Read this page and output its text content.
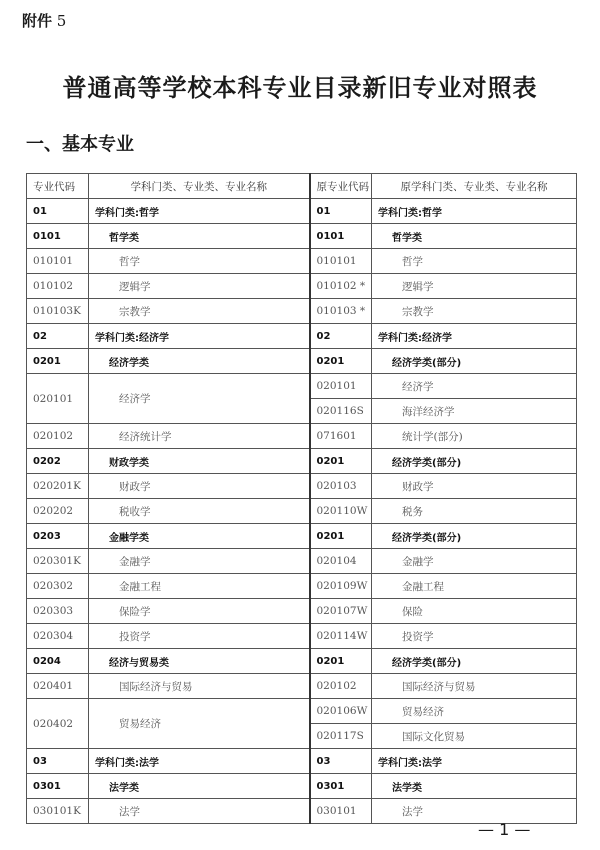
附件 5
普通高等学校本科专业目录新旧专业对照表
一、基本专业
专业代码	学科门类、专业类、专业名称	原专业代码	原学科门类、专业类、专业名称
01	学科门类:哲学	01	学科门类:哲学
0101	哲学类	0101	哲学类
010101	哲学	010101	哲学
010102	逻辑学	010102 *	逻辑学
010103K	宗教学	010103 *	宗教学
02	学科门类:经济学	02	学科门类:经济学
0201	经济学类	0201	经济学类(部分)
020101	经济学	020101	经济学
		020116S	海洋经济学
020102	经济统计学	071601	统计学(部分)
0202	财政学类	0201	经济学类(部分)
020201K	财政学	020103	财政学
020202	税收学	020110W	税务
0203	金融学类	0201	经济学类(部分)
020301K	金融学	020104	金融学
020302	金融工程	020109W	金融工程
020303	保险学	020107W	保险
020304	投资学	020114W	投资学
0204	经济与贸易类	0201	经济学类(部分)
020401	国际经济与贸易	020102	国际经济与贸易
020402	贸易经济	020106W	贸易经济
		020117S	国际文化贸易
03	学科门类:法学	03	学科门类:法学
0301	法学类	0301	法学类
030101K	法学	030101	法学
— 1 —
